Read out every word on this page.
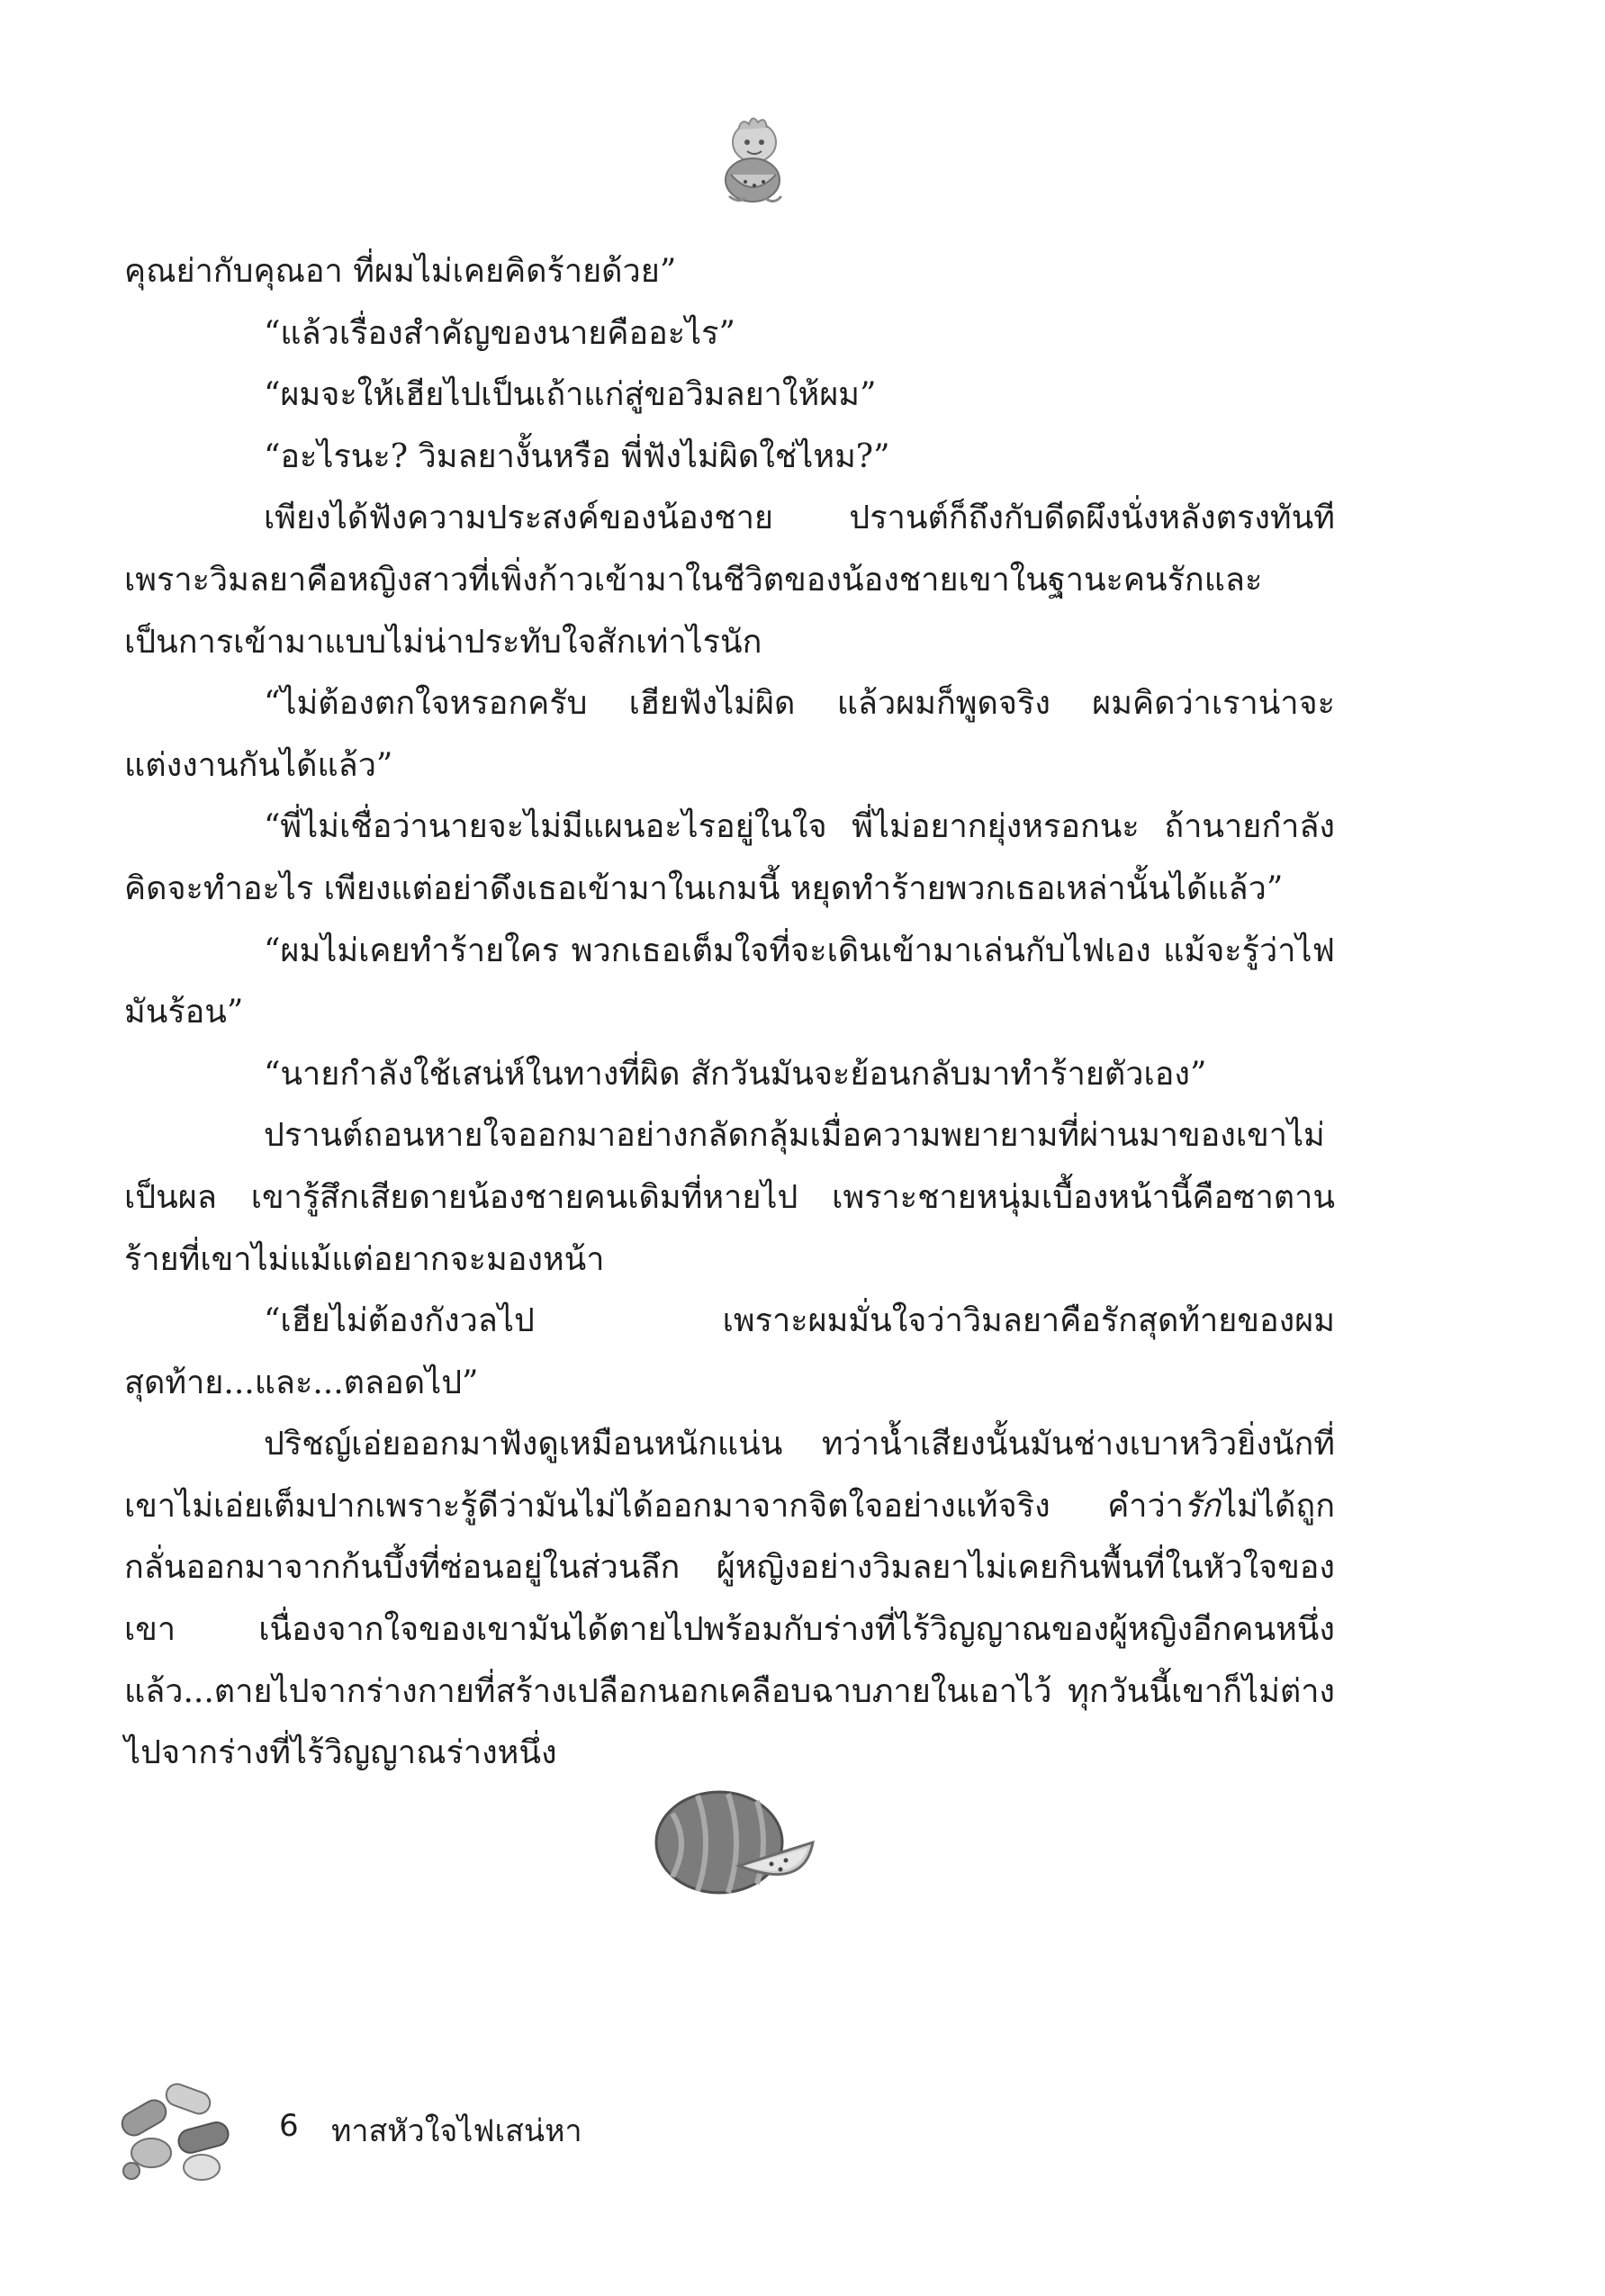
คุณย่ากับคุณอา ที่ผมไม่เคยคิดร้ายด้วย”

“แล้วเรื่องสำคัญของนายคืออะไร”

“ผมจะให้เฮียไปเป็นเถ้าแก่สู่ขอวิมลยาให้ผม”

“อะไรนะ? วิมลยางั้นหรือ พี่ฟังไม่ผิดใช่ไหม?”

เพียงได้ฟังความประสงค์ของน้องชาย ปรานต์ก็ถึงกับดีดผึงนั่งหลังตรงทันที เพราะวิมลยาคือหญิงสาวที่เพิ่งก้าวเข้ามาในชีวิตของน้องชายเขาในฐานะคนรักและเป็นการเข้ามาแบบไม่น่าประทับใจสักเท่าไรนัก

“ไม่ต้องตกใจหรอกครับ เฮียฟังไม่ผิด แล้วผมก็พูดจริง ผมคิดว่าเราน่าจะแต่งงานกันได้แล้ว”

“พี่ไม่เชื่อว่านายจะไม่มีแผนอะไรอยู่ในใจ พี่ไม่อยากยุ่งหรอกนะ ถ้านายกำลังคิดจะทำอะไร เพียงแต่อย่าดึงเธอเข้ามาในเกมนี้ หยุดทำร้ายพวกเธอเหล่านั้นได้แล้ว”

“ผมไม่เคยทำร้ายใคร พวกเธอเต็มใจที่จะเดินเข้ามาเล่นกับไฟเอง แม้จะรู้ว่าไฟมันร้อน”

“นายกำลังใช้เสน่ห์ในทางที่ผิด สักวันมันจะย้อนกลับมาทำร้ายตัวเอง”

ปรานต์ถอนหายใจออกมาอย่างกลัดกลุ้มเมื่อความพยายามที่ผ่านมาของเขาไม่เป็นผล เขารู้สึกเสียดายน้องชายคนเดิมที่หายไป เพราะชายหนุ่มเบื้องหน้านี้คือซาตานร้ายที่เขาไม่แม้แต่อยากจะมองหน้า

“เฮียไม่ต้องกังวลไป เพราะผมมั่นใจว่าวิมลยาคือรักสุดท้ายของผม สุดท้าย...และ...ตลอดไป”

ปริชญ์เอ่ยออกมาฟังดูเหมือนหนักแน่น ทว่าน้ำเสียงนั้นมันช่างเบาหวิวยิ่งนักที่เขาไม่เอ่ยเต็มปากเพราะรู้ดีว่ามันไม่ได้ออกมาจากจิตใจอย่างแท้จริง คำว่ารักไม่ได้ถูกกลั่นออกมาจากก้นบึ้งที่ซ่อนอยู่ในส่วนลึก ผู้หญิงอย่างวิมลยาไม่เคยกินพื้นที่ในหัวใจของเขา เนื่องจากใจของเขามันได้ตายไปพร้อมกับร่างที่ไร้วิญญาณของผู้หญิงอีกคนหนึ่งแล้ว...ตายไปจากร่างกายที่สร้างเปลือกนอกเคลือบฉาบภายในเอาไว้ ทุกวันนี้เขาก็ไม่ต่างไปจากร่างที่ไร้วิญญาณร่างหนึ่ง

6 ทาสหัวใจไฟเสน่หา
